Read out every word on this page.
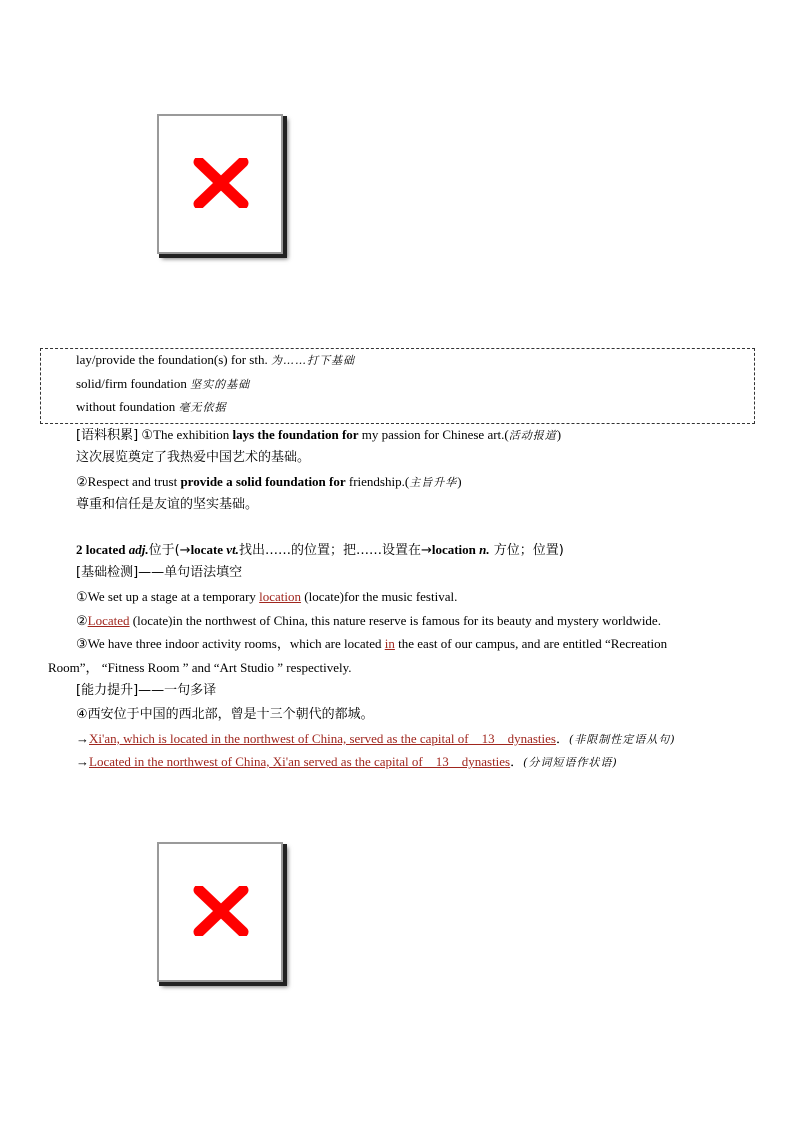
lay/provide the foundation(s) for sth. 为……打下基础
solid/firm foundation 坚实的基础
without foundation 毫无依据
[语料积累] ①The exhibition lays the foundation for my passion for Chinese art.(活动报道)
这次展览奠定了我热爱中国艺术的基础。
②Respect and trust provide a solid foundation for friendship.(主旨升华)
尊重和信任是友谊的坚实基础。
2 located adj.位于(→locate vt.找出……的位置；把……设置在→location n. 方位；位置)
[基础检测]——单句语法填空
①We set up a stage at a temporary location (locate)for the music festival.
②Located (locate)in the northwest of China, this nature reserve is famous for its beauty and mystery worldwide.
③We have three indoor activity rooms，which are located in the east of our campus, and are entitled “Recreation
Room”， “Fitness Room ” and “Art Studio ” respectively.
[能力提升]——一句多译
④西安位于中国的西北部，曾是十三个朝代的都城。
→Xi'an, which is located in the northwest of China, served as the capital of    13    dynasties．(非限制性定语从句)
→Located in the northwest of China, Xi'an served as the capital of    13    dynasties．(分词短语作状语)
